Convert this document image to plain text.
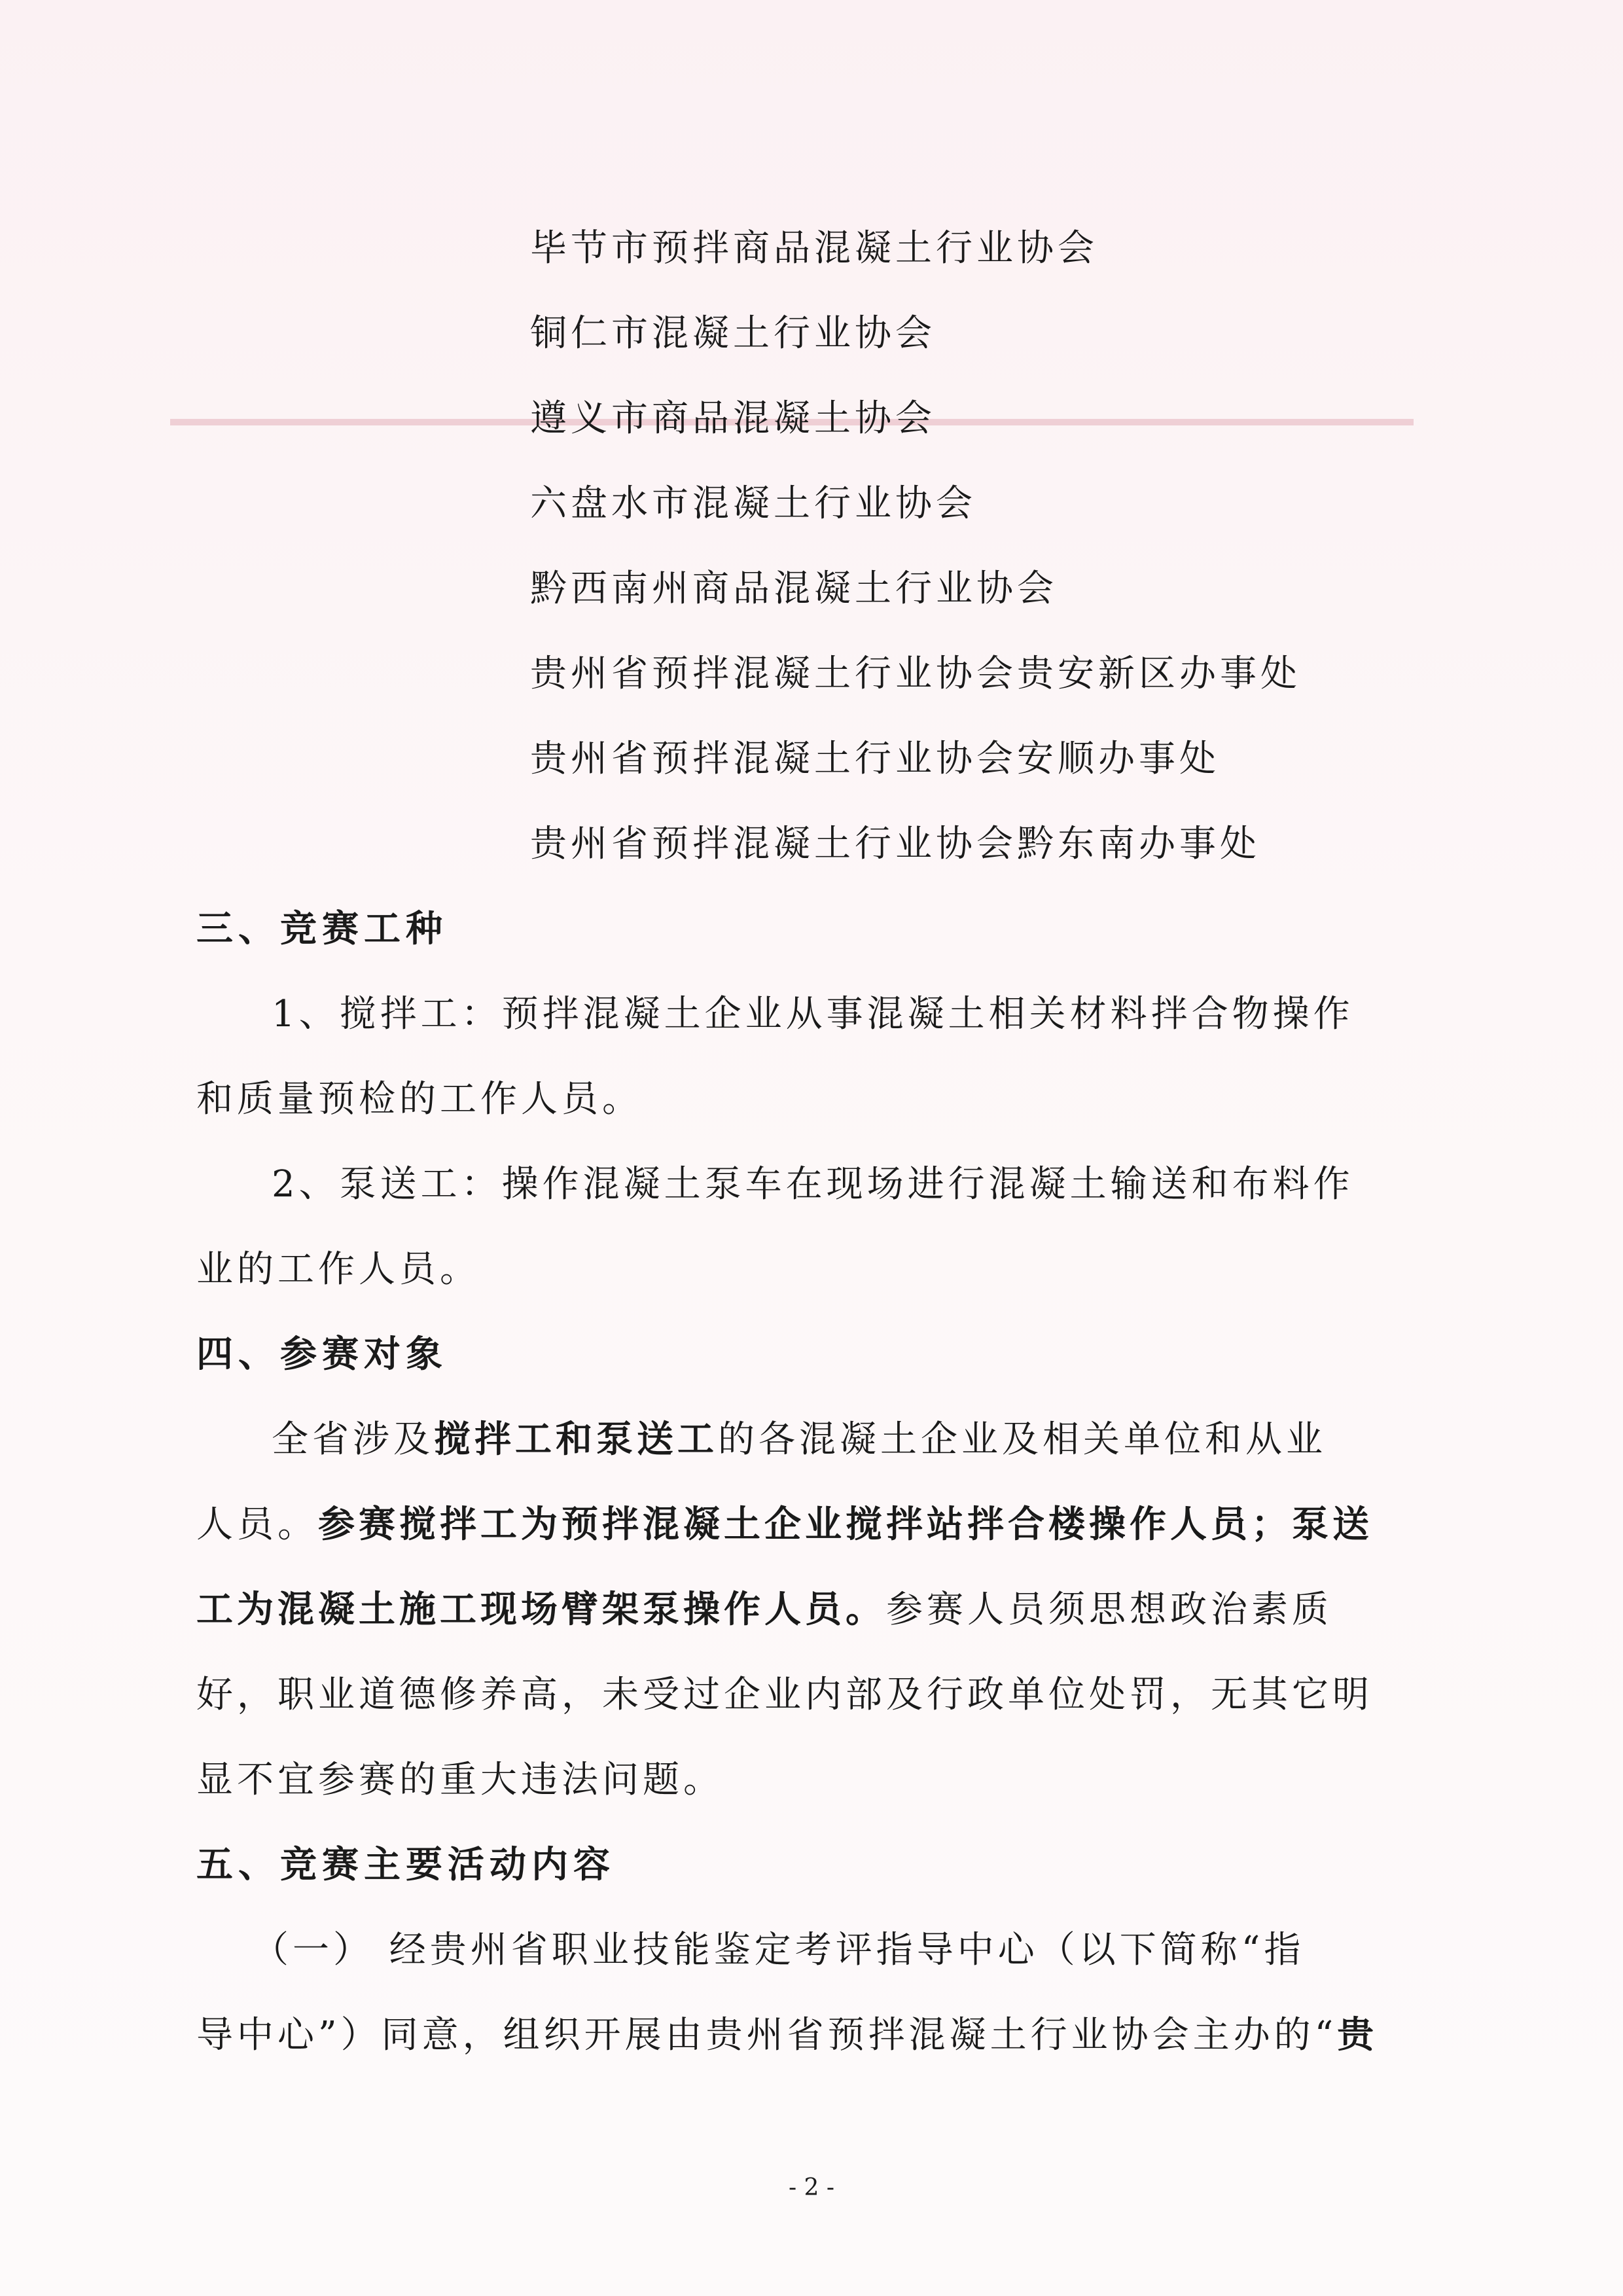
毕节市预拌商品混凝土行业协会
铜仁市混凝土行业协会
遵义市商品混凝土协会
六盘水市混凝土行业协会
黔西南州商品混凝土行业协会
贵州省预拌混凝土行业协会贵安新区办事处
贵州省预拌混凝土行业协会安顺办事处
贵州省预拌混凝土行业协会黔东南办事处
三、竞赛工种
1、搅拌工：预拌混凝土企业从事混凝土相关材料拌合物操作
和质量预检的工作人员。
2、泵送工：操作混凝土泵车在现场进行混凝土输送和布料作
业的工作人员。
四、参赛对象
全省涉及搅拌工和泵送工的各混凝土企业及相关单位和从业
人员。参赛搅拌工为预拌混凝土企业搅拌站拌合楼操作人员；泵送
工为混凝土施工现场臂架泵操作人员。参赛人员须思想政治素质
好，职业道德修养高，未受过企业内部及行政单位处罚，无其它明
显不宜参赛的重大违法问题。
五、竞赛主要活动内容
（一） 经贵州省职业技能鉴定考评指导中心（以下简称“指
导中心”）同意，组织开展由贵州省预拌混凝土行业协会主办的“贵
- 2 -
